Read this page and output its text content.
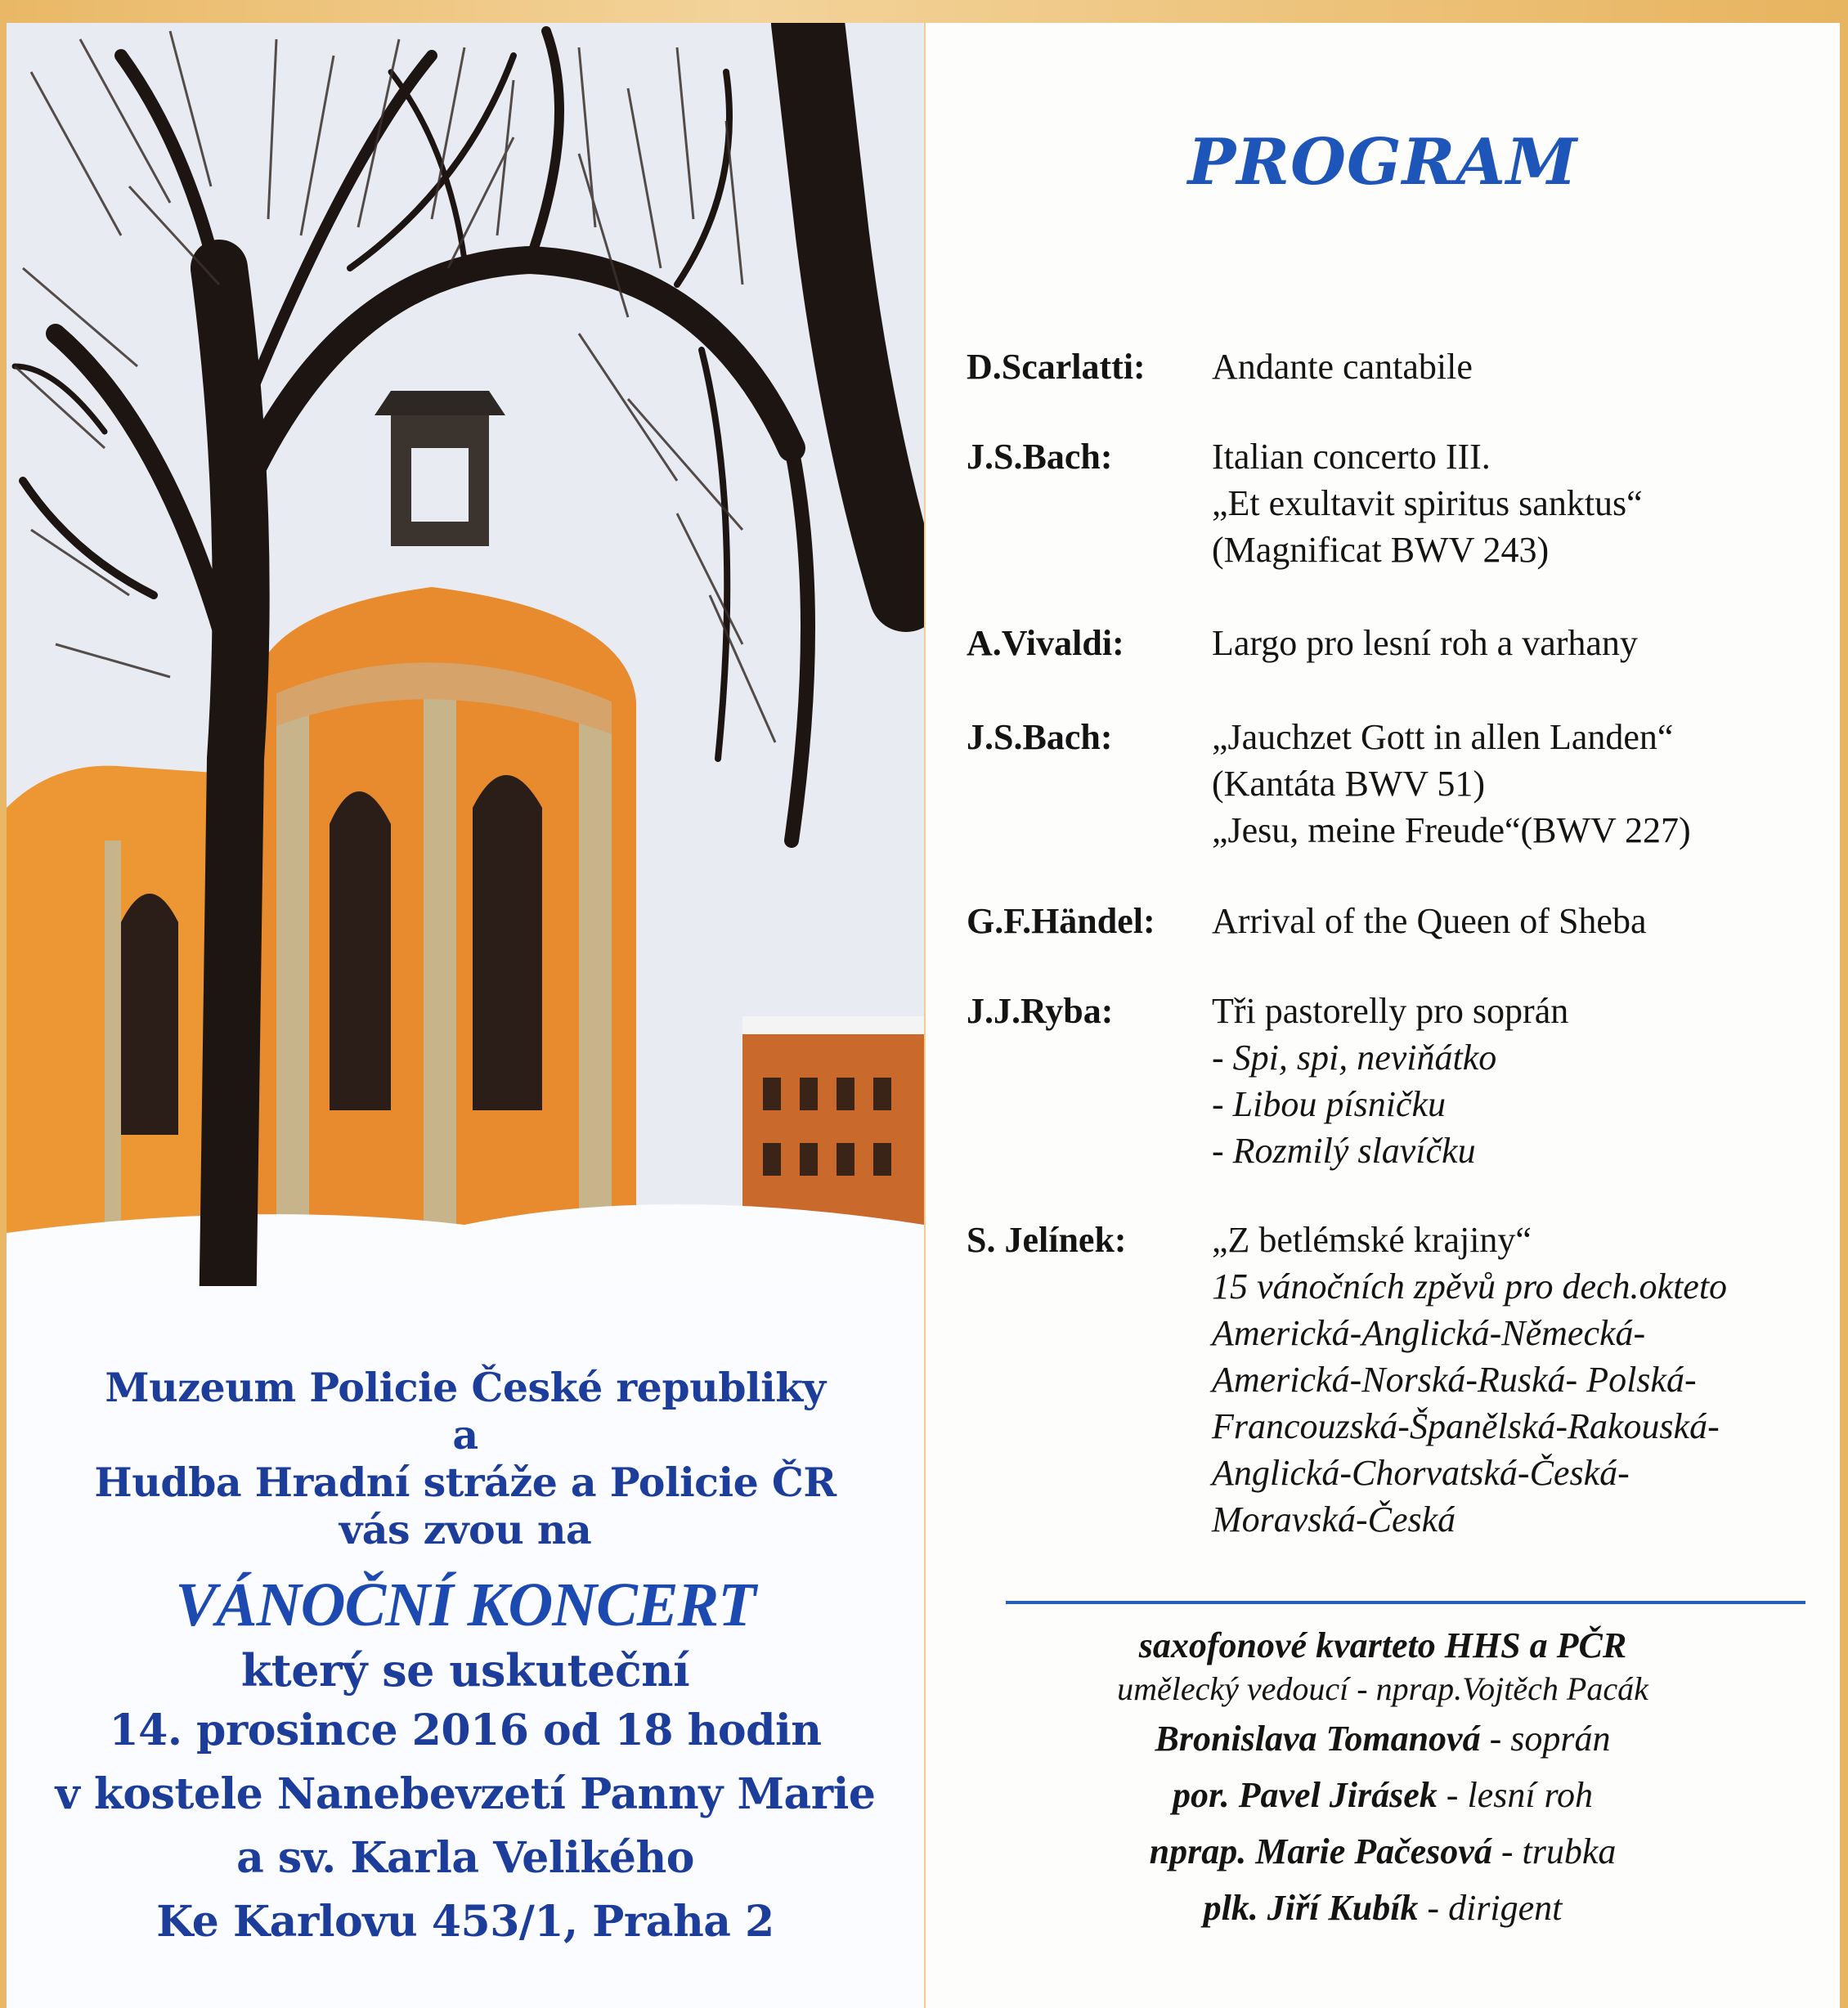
Muzeum Policie České republiky
a
Hudba Hradní stráže a Policie ČR
vás zvou na
VÁNOČNÍ KONCERT
který se uskuteční
14. prosince 2016 od 18 hodin
v kostele Nanebevzetí Panny Marie
a sv. Karla Velikého
Ke Karlovu 453/1, Praha 2
PROGRAM
D.Scarlatti: Andante cantabile
J.S.Bach:	Italian concerto III.
„Et exultavit spiritus sanktus“
(Magnificat BWV 243)
A.Vivaldi: Largo pro lesní roh a varhany
J.S.Bach:	„Jauchzet Gott in allen Landen“
(Kantáta BWV 51)
„Jesu, meine Freude“(BWV 227)
G.F.Händel: Arrival of the Queen of Sheba
J.J.Ryba:	Tři pastorelly pro soprán
- Spi, spi, neviňátko
- Libou písničku
- Rozmilý slavíčku
S. Jelínek: „Z betlémské krajiny“
15 vánočních zpěvů pro dech.okteto
Americká-Anglická-Německá-
Americká-Norská-Ruská- Polská-
Francouzská-Španělská-Rakouská-
Anglická-Chorvatská-Česká-
Moravská-Česká
saxofonové kvarteto HHS a PČR
umělecký vedoucí - nprap.Vojtěch Pacák
Bronislava Tomanová - soprán
por. Pavel Jirásek - lesní roh
nprap. Marie Pačesová - trubka
plk. Jiří Kubík - dirigent
